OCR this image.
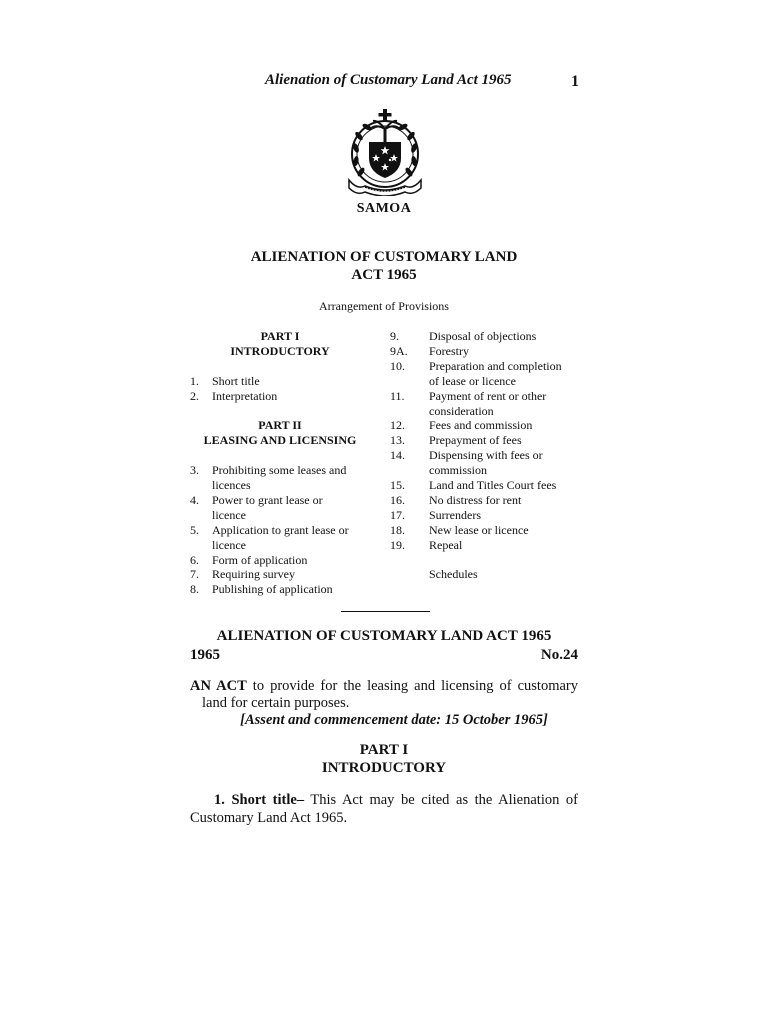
Alienation of Customary Land Act 1965	1
SAMOA
ALIENATION OF CUSTOMARY LAND
ACT 1965
Arrangement of Provisions
PART I
INTRODUCTORY
1.	Short title
2.	Interpretation
PART II
LEASING AND LICENSING
3.	Prohibiting some leases and
licences
4.	Power to grant lease or
licence
5.	Application to grant lease or
licence
6.	Form of application
7.	Requiring survey
8.	Publishing of application
9.	Disposal of objections
9A.	Forestry
10.	Preparation and completion
of lease or licence
11.	Payment of rent or other
consideration
12.	Fees and commission
13.	Prepayment of fees
14.	Dispensing with fees or
commission
15.	Land and Titles Court fees
16.	No distress for rent
17.	Surrenders
18.	New lease or licence
19.	Repeal
Schedules
ALIENATION OF CUSTOMARY LAND ACT 1965
1965	No.24
AN ACT to provide for the leasing and licensing of customary
land for certain purposes.
[Assent and commencement date: 15 October 1965]
PART I
INTRODUCTORY
1. Short title– This Act may be cited as the Alienation of
Customary Land Act 1965.
